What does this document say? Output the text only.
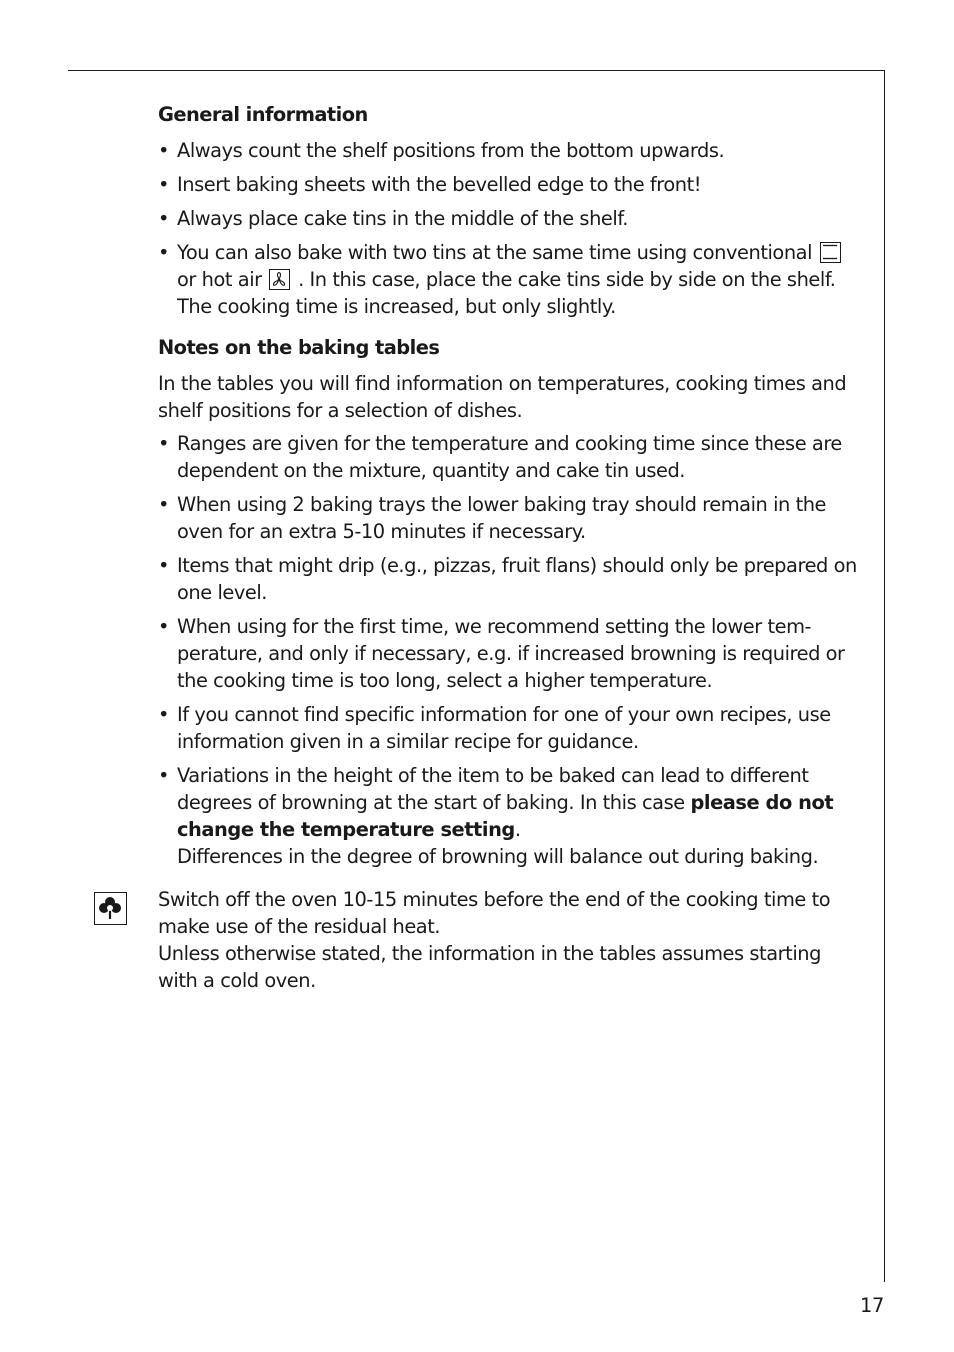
General information
• Always count the shelf positions from the bottom upwards.
• Insert baking sheets with the bevelled edge to the front!
• Always place cake tins in the middle of the shelf.
• You can also bake with two tins at the same time using conventional
or hot air . In this case, place the cake tins side by side on the shelf. The cooking time is increased, but only slightly.
Notes on the baking tables

In the tables you will find information on temperatures, cooking times and shelf positions for a selection of dishes.

• Ranges are given for the temperature and cooking time since these are dependent on the mixture, quantity and cake tin used.
• When using 2 baking trays the lower baking tray should remain in the oven for an extra 5-10 minutes if necessary.
• Items that might drip (e.g., pizzas, fruit flans) should only be prepared on one level.
• When using for the first time, we recommend setting the lower tem-perature, and only if necessary, e.g. if increased browning is required or the cooking time is too long, select a higher temperature.
• If you cannot find specific information for one of your own recipes, use information given in a similar recipe for guidance.
• Variations in the height of the item to be baked can lead to different degrees of browning at the start of baking. In this case please do not change the temperature setting.
Differences in the degree of browning will balance out during baking.
Switch off the oven 10-15 minutes before the end of the cooking time to make use of the residual heat.
Unless otherwise stated, the information in the tables assumes starting with a cold oven.
17
